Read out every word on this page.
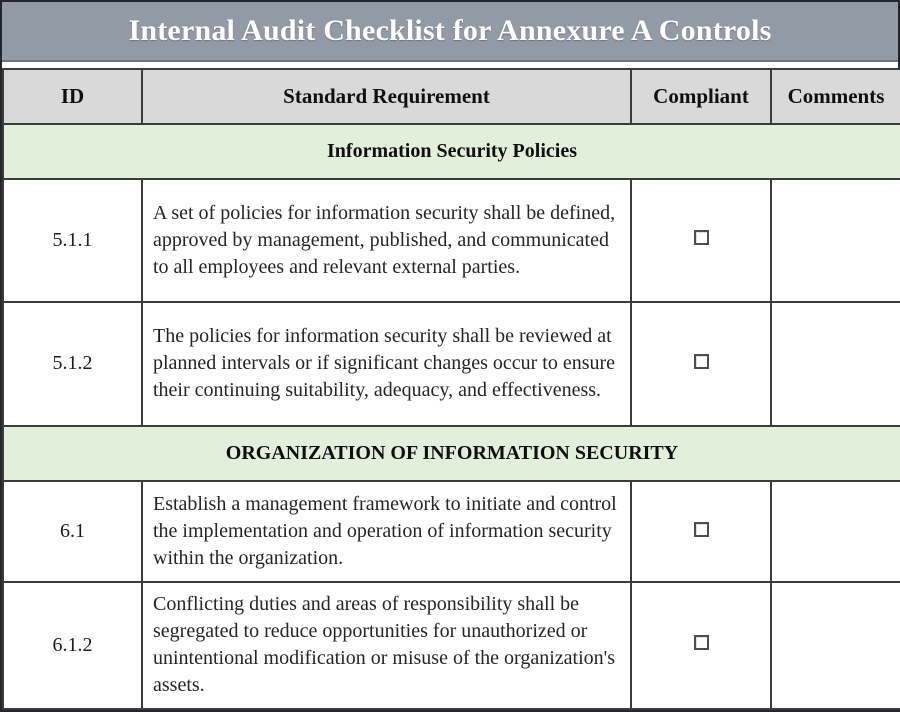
Internal Audit Checklist for Annexure A Controls
ID	Standard Requirement	Compliant	Comments
Information Security Policies			
5.1.1	A set of policies for information security shall be defined, approved by management, published, and communicated to all employees and relevant external parties.		
5.1.2	The policies for information security shall be reviewed at planned intervals or if significant changes occur to ensure their continuing suitability, adequacy, and effectiveness.		
ORGANIZATION OF INFORMATION SECURITY			
6.1	Establish a management framework to initiate and control the implementation and operation of information security within the organization.		
6.1.2	Conflicting duties and areas of responsibility shall be segregated to reduce opportunities for unauthorized or unintentional modification or misuse of the organization's assets.		
